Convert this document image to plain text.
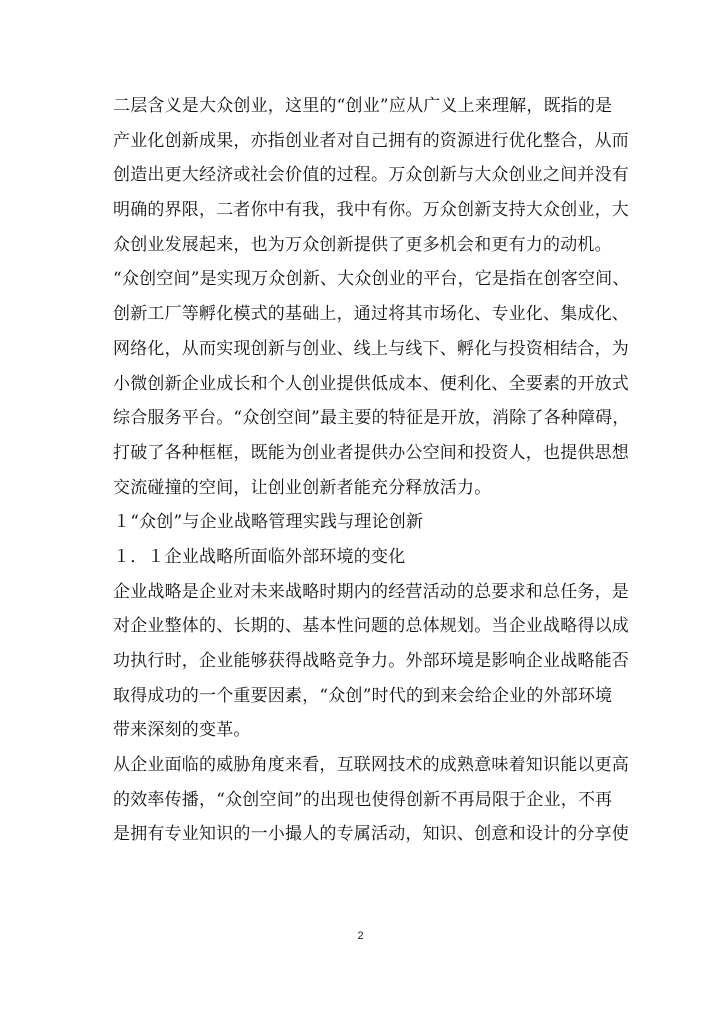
二层含义是大众创业，这里的“创业”应从广义上来理解，既指的是
产业化创新成果，亦指创业者对自己拥有的资源进行优化整合，从而
创造出更大经济或社会价值的过程。万众创新与大众创业之间并没有
明确的界限，二者你中有我，我中有你。万众创新支持大众创业，大
众创业发展起来，也为万众创新提供了更多机会和更有力的动机。
“众创空间”是实现万众创新、大众创业的平台，它是指在创客空间、
创新工厂等孵化模式的基础上，通过将其市场化、专业化、集成化、
网络化，从而实现创新与创业、线上与线下、孵化与投资相结合，为
小微创新企业成长和个人创业提供低成本、便利化、全要素的开放式
综合服务平台。“众创空间”最主要的特征是开放，消除了各种障碍，
打破了各种框框，既能为创业者提供办公空间和投资人，也提供思想
交流碰撞的空间，让创业创新者能充分释放活力。
１“众创”与企业战略管理实践与理论创新
１．１企业战略所面临外部环境的变化
企业战略是企业对未来战略时期内的经营活动的总要求和总任务，是
对企业整体的、长期的、基本性问题的总体规划。当企业战略得以成
功执行时，企业能够获得战略竞争力。外部环境是影响企业战略能否
取得成功的一个重要因素，“众创”时代的到来会给企业的外部环境
带来深刻的变革。
从企业面临的威胁角度来看，互联网技术的成熟意味着知识能以更高
的效率传播，“众创空间”的出现也使得创新不再局限于企业，不再
是拥有专业知识的一小撮人的专属活动，知识、创意和设计的分享使
2
